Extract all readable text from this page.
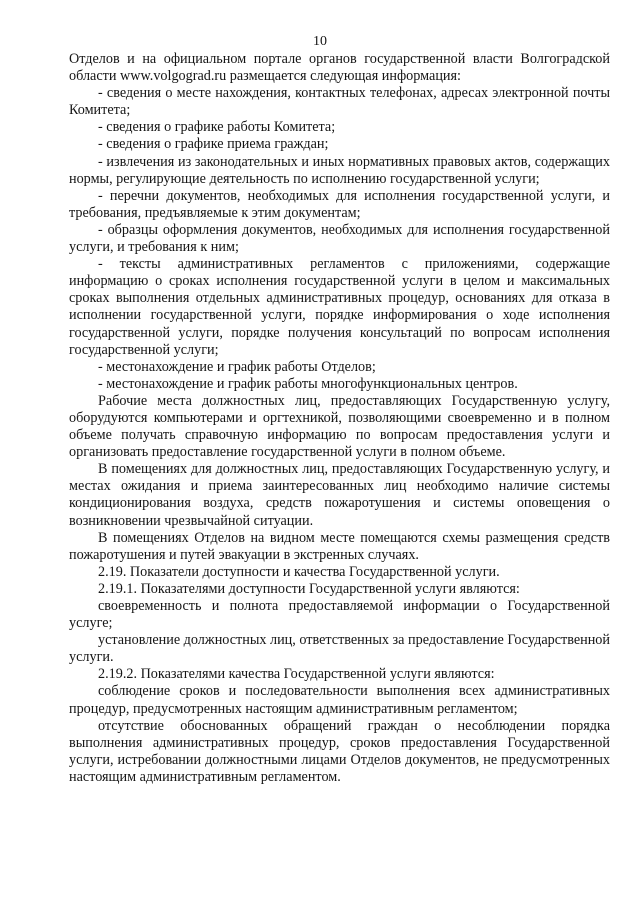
10

Отделов и на официальном портале органов государственной власти Волгоградской области www.volgograd.ru размещается следующая информация:

- сведения о месте нахождения, контактных телефонах, адресах электронной почты Комитета;

- сведения о графике работы Комитета;

- сведения о графике приема граждан;

- извлечения из законодательных и иных нормативных правовых актов, содержащих нормы, регулирующие деятельность по исполнению государственной услуги;

- перечни документов, необходимых для исполнения государственной услуги, и требования, предъявляемые к этим документам;

- образцы оформления документов, необходимых для исполнения государственной услуги, и требования к ним;

- тексты административных регламентов с приложениями, содержащие информацию о сроках исполнения государственной услуги в целом и максимальных сроках выполнения отдельных административных процедур, основаниях для отказа в исполнении государственной услуги, порядке информирования о ходе исполнения государственной услуги, порядке получения консультаций по вопросам исполнения государственной услуги;

- местонахождение и график работы Отделов;

- местонахождение и график работы многофункциональных центров.

Рабочие места должностных лиц, предоставляющих Государственную услугу, оборудуются компьютерами и оргтехникой, позволяющими своевременно и в полном объеме получать справочную информацию по вопросам предоставления услуги и организовать предоставление государственной услуги в полном объеме.

В помещениях для должностных лиц, предоставляющих Государственную услугу, и местах ожидания и приема заинтересованных лиц необходимо наличие системы кондиционирования воздуха, средств пожаротушения и системы оповещения о возникновении чрезвычайной ситуации.

В помещениях Отделов на видном месте помещаются схемы размещения средств пожаротушения и путей эвакуации в экстренных случаях.

2.19. Показатели доступности и качества Государственной услуги.

2.19.1. Показателями доступности Государственной услуги являются:

своевременность и полнота предоставляемой информации о Государственной услуге;

установление должностных лиц, ответственных за предоставление Государственной услуги.

2.19.2. Показателями качества Государственной услуги являются:

соблюдение сроков и последовательности выполнения всех административных процедур, предусмотренных настоящим административным регламентом;

отсутствие обоснованных обращений граждан о несоблюдении порядка выполнения административных процедур, сроков предоставления Государственной услуги, истребовании должностными лицами Отделов документов, не предусмотренных настоящим административным регламентом.
